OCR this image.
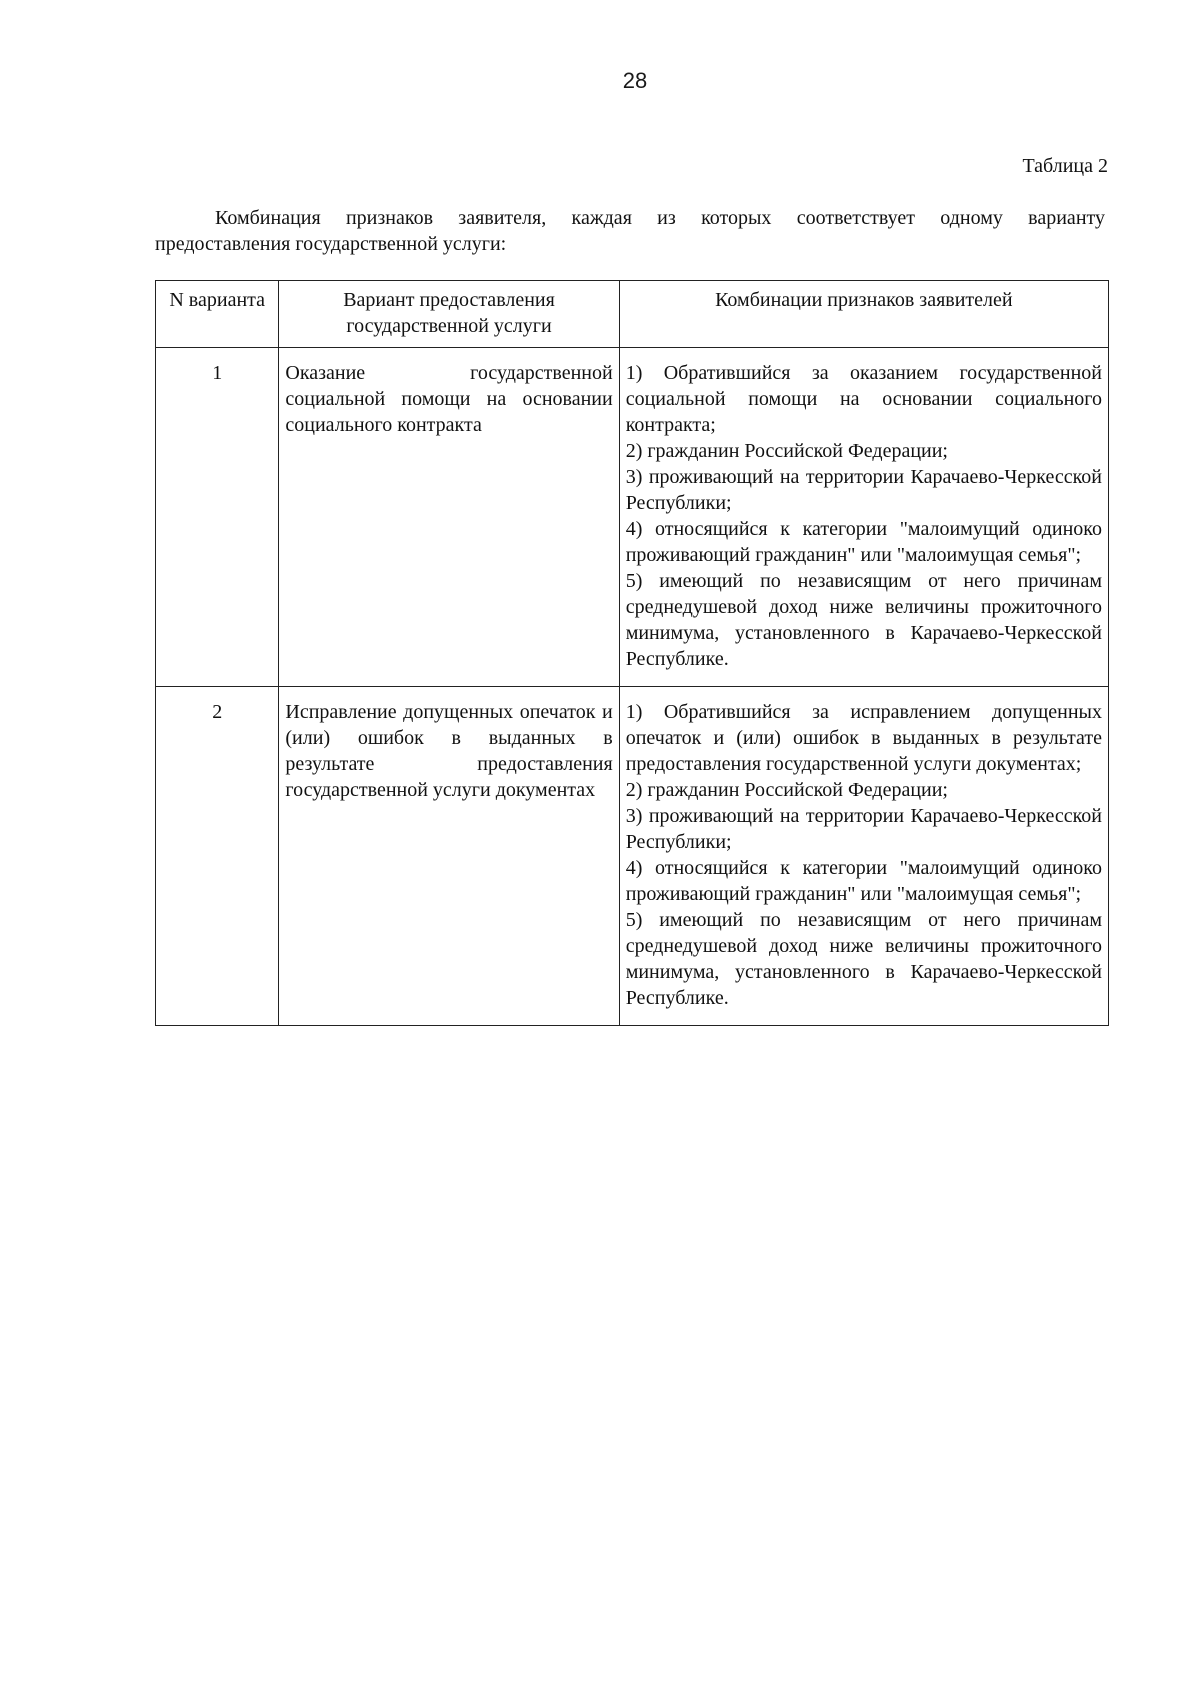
28
Таблица 2
Комбинация признаков заявителя, каждая из которых соответствует одному варианту
предоставления государственной услуги:
N варианта	Вариант предоставления государственной услуги	Комбинации признаков заявителей
1	Оказание государственной социальной помощи на основании социального контракта	1) Обратившийся за оказанием государственной социальной помощи на основании социального контракта;

2) гражданин Российской Федерации;

3) проживающий на территории Карачаево-Черкесской Республики;

4) относящийся к категории "малоимущий одиноко проживающий гражданин" или "малоимущая семья";

5) имеющий по независящим от него причинам среднедушевой доход ниже величины прожиточного минимума, установленного в Карачаево-Черкесской Республике.

2	Исправление допущенных опечаток и (или) ошибок в выданных в результате предоставления государственной услуги документах	1) Обратившийся за исправлением допущенных опечаток и (или) ошибок в выданных в результате предоставления государственной услуги документах;

2) гражданин Российской Федерации;

3) проживающий на территории Карачаево-Черкесской Республики;

4) относящийся к категории "малоимущий одиноко проживающий гражданин" или "малоимущая семья";

5) имеющий по независящим от него причинам среднедушевой доход ниже величины прожиточного минимума, установленного в Карачаево-Черкесской Республике.
